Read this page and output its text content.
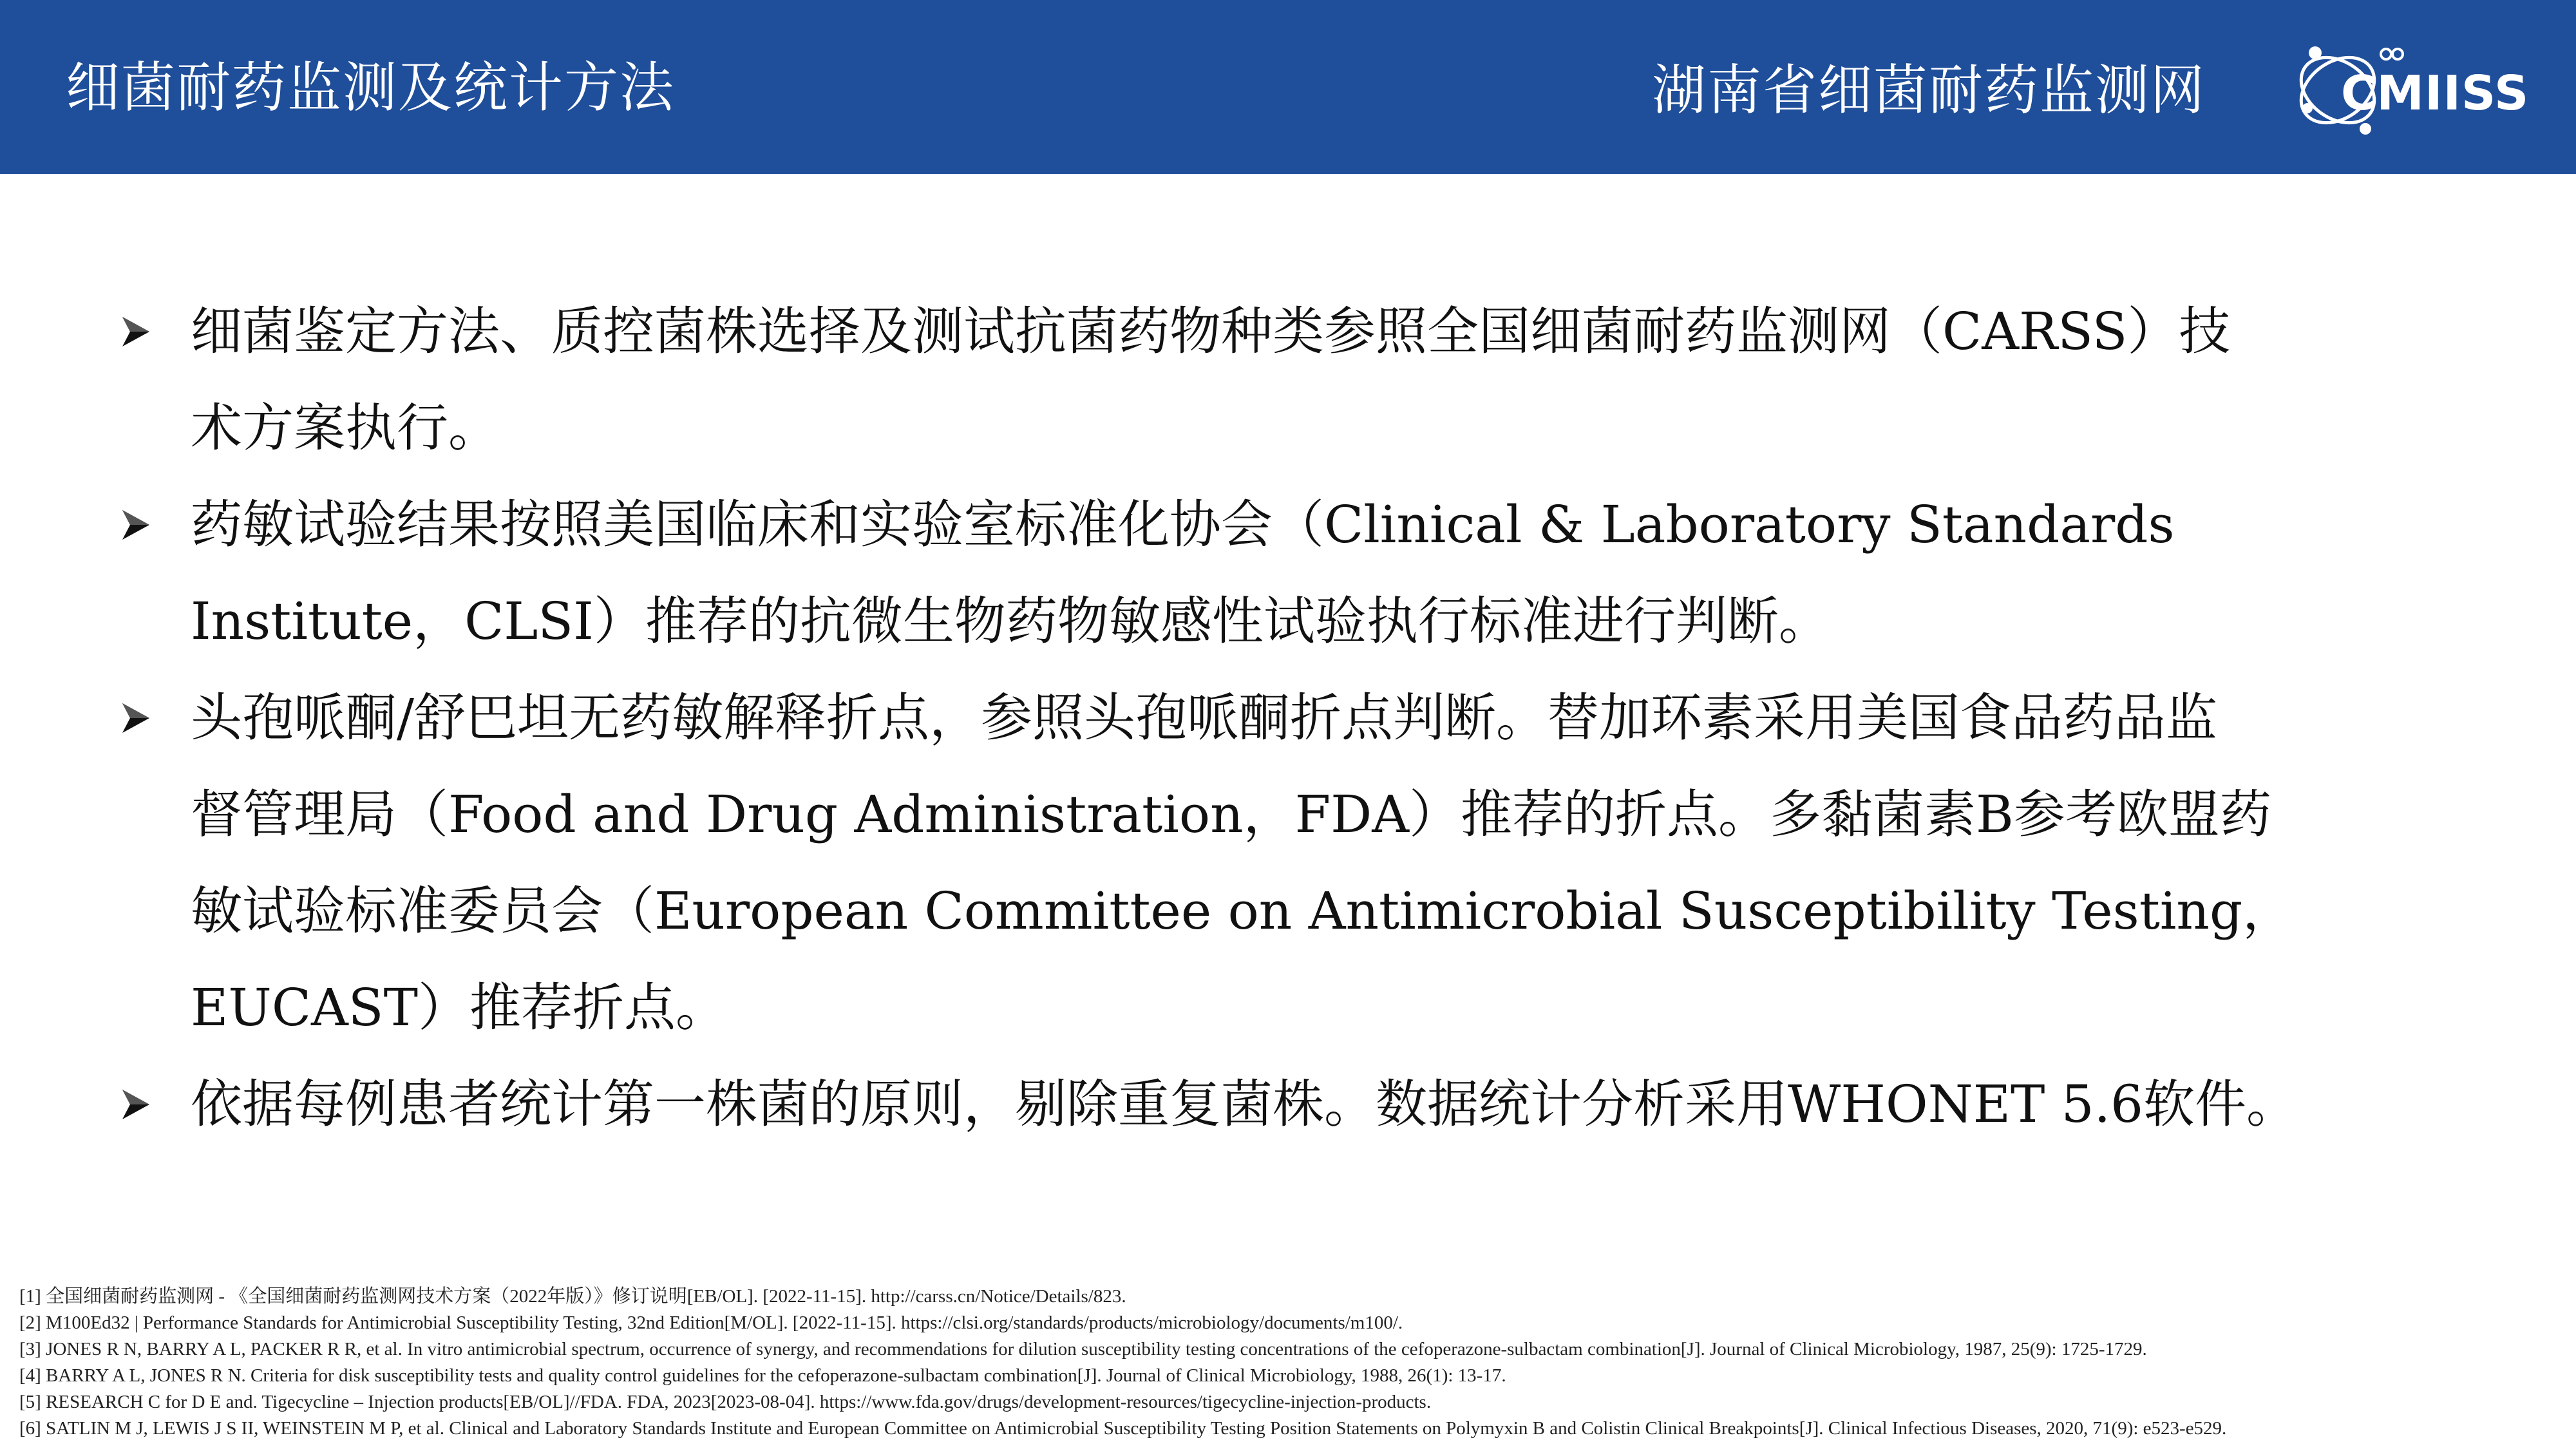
细菌耐药监测及统计方法	湖南省细菌耐药监测网	CMIISS
细菌鉴定方法、质控菌株选择及测试抗菌药物种类参照全国细菌耐药监测网（CARSS）技
术方案执行。
药敏试验结果按照美国临床和实验室标准化协会（Clinical & Laboratory Standards
Institute，CLSI）推荐的抗微生物药物敏感性试验执行标准进行判断。
头孢哌酮/舒巴坦无药敏解释折点，参照头孢哌酮折点判断。替加环素采用美国食品药品监
督管理局（Food and Drug Administration，FDA）推荐的折点。多黏菌素B参考欧盟药
敏试验标准委员会（European Committee on Antimicrobial Susceptibility Testing，
EUCAST）推荐折点。
依据每例患者统计第一株菌的原则，剔除重复菌株。数据统计分析采用WHONET 5.6软件。
[1] 全国细菌耐药监测网 - 《全国细菌耐药监测网技术方案（2022年版）》修订说明[EB/OL]. [2022-11-15]. http://carss.cn/Notice/Details/823.
[2] M100Ed32 | Performance Standards for Antimicrobial Susceptibility Testing, 32nd Edition[M/OL]. [2022-11-15]. https://clsi.org/standards/products/microbiology/documents/m100/.
[3] JONES R N, BARRY A L, PACKER R R, et al. In vitro antimicrobial spectrum, occurrence of synergy, and recommendations for dilution susceptibility testing concentrations of the cefoperazone-sulbactam combination[J]. Journal of Clinical Microbiology, 1987, 25(9): 1725-1729.
[4] BARRY A L, JONES R N. Criteria for disk susceptibility tests and quality control guidelines for the cefoperazone-sulbactam combination[J]. Journal of Clinical Microbiology, 1988, 26(1): 13-17.
[5] RESEARCH C for D E and. Tigecycline – Injection products[EB/OL]//FDA. FDA, 2023[2023-08-04]. https://www.fda.gov/drugs/development-resources/tigecycline-injection-products.
[6] SATLIN M J, LEWIS J S II, WEINSTEIN M P, et al. Clinical and Laboratory Standards Institute and European Committee on Antimicrobial Susceptibility Testing Position Statements on Polymyxin B and Colistin Clinical Breakpoints[J]. Clinical Infectious Diseases, 2020, 71(9): e523-e529.
